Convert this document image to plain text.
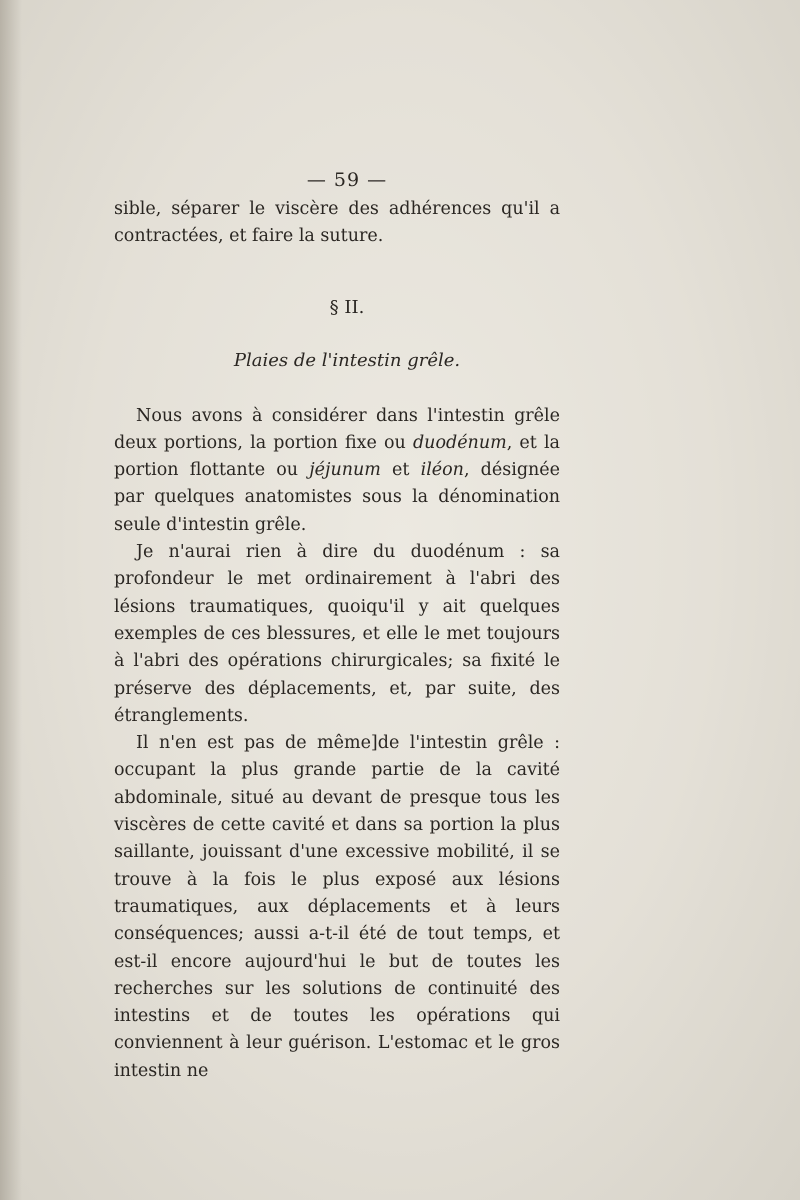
— 59 —

sible, séparer le viscère des adhérences qu'il a contractées, et faire la suture.

§ II.
Plaies de l'intestin grêle.

Nous avons à considérer dans l'intestin grêle deux portions, la portion fixe ou duodénum, et la portion flottante ou jéjunum et iléon, désignée par quelques anatomistes sous la dénomination seule d'intestin grêle.

Je n'aurai rien à dire du duodénum : sa profondeur le met ordinairement à l'abri des lésions traumatiques, quoiqu'il y ait quelques exemples de ces blessures, et elle le met toujours à l'abri des opérations chirurgicales; sa fixité le préserve des déplacements, et, par suite, des étranglements.

Il n'en est pas de même]de l'intestin grêle : occupant la plus grande partie de la cavité abdominale, situé au devant de presque tous les viscères de cette cavité et dans sa portion la plus saillante, jouissant d'une excessive mobilité, il se trouve à la fois le plus exposé aux lésions traumatiques, aux déplacements et à leurs conséquences; aussi a-t-il été de tout temps, et est-il encore aujourd'hui le but de toutes les recherches sur les solutions de continuité des intestins et de toutes les opérations qui conviennent à leur guérison. L'estomac et le gros intestin ne
